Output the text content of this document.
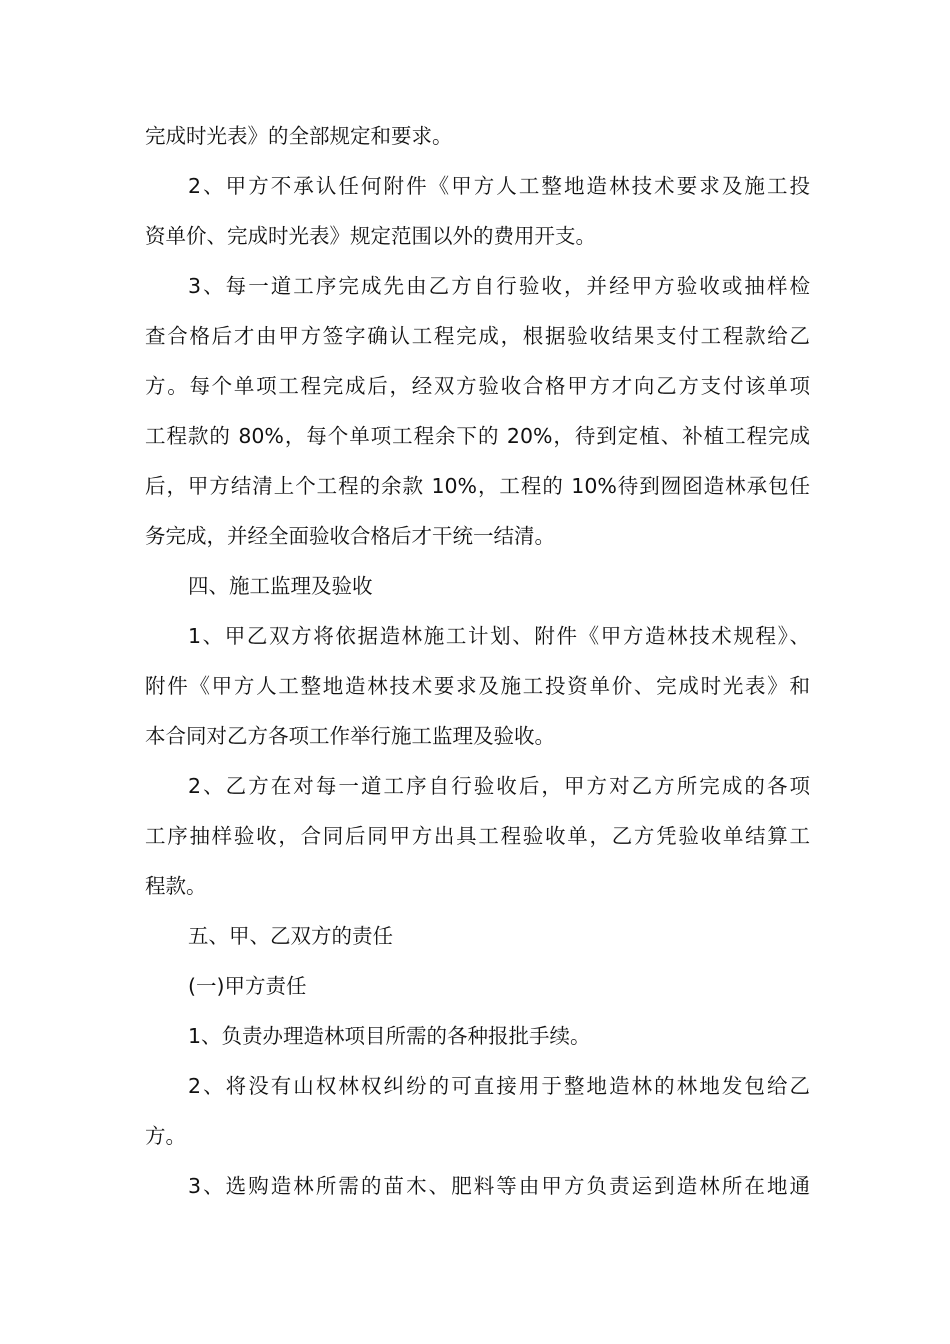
完成时光表》的全部规定和要求。
2、甲方不承认任何附件《甲方人工整地造林技术要求及施工投
资单价、完成时光表》规定范围以外的费用开支。
3、每一道工序完成先由乙方自行验收，并经甲方验收或抽样检
查合格后才由甲方签字确认工程完成，根据验收结果支付工程款给乙
方。每个单项工程完成后，经双方验收合格甲方才向乙方支付该单项
工程款的 80%，每个单项工程余下的 20%，待到定植、补植工程完成
后，甲方结清上个工程的余款 10%，工程的 10%待到囫囵造林承包任
务完成，并经全面验收合格后才干统一结清。
四、施工监理及验收
1、甲乙双方将依据造林施工计划、附件《甲方造林技术规程》、
附件《甲方人工整地造林技术要求及施工投资单价、完成时光表》和
本合同对乙方各项工作举行施工监理及验收。
2、乙方在对每一道工序自行验收后，甲方对乙方所完成的各项
工序抽样验收，合同后同甲方出具工程验收单，乙方凭验收单结算工
程款。
五、甲、乙双方的责任
(一)甲方责任
1、负责办理造林项目所需的各种报批手续。
2、将没有山权林权纠纷的可直接用于整地造林的林地发包给乙
方。
3、选购造林所需的苗木、肥料等由甲方负责运到造林所在地通
